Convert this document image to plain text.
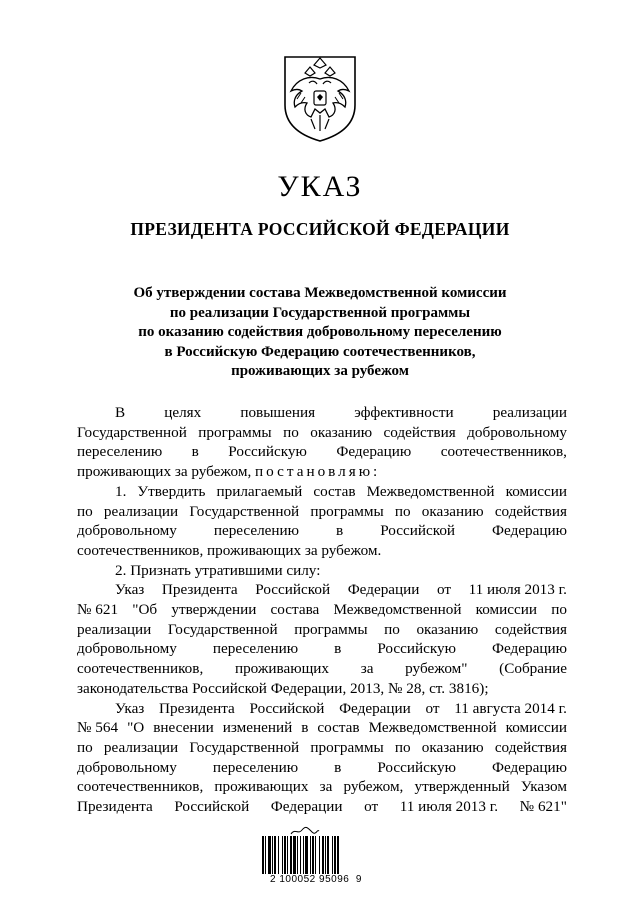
УКАЗ
ПРЕЗИДЕНТА РОССИЙСКОЙ ФЕДЕРАЦИИ
Об утверждении состава Межведомственной комиссии
по реализации Государственной программы
по оказанию содействия добровольному переселению
в Российскую Федерацию соотечественников,
проживающих за рубежом
В	целях	повышения	эффективности	реализации
Государственной программы по оказанию содействия добровольному
переселению в Российскую Федерацию соотечественников,
проживающих за рубежом, постановляю:
1. Утвердить прилагаемый состав Межведомственной комиссии
по реализации Государственной программы по оказанию содействия
добровольному переселению в Российской Федерацию
соотечественников, проживающих за рубежом.
2. Признать утратившими силу:
Указ Президента Российской Федерации от 11 июля 2013 г.
№ 621 "Об утверждении состава Межведомственной комиссии по
реализации Государственной программы по оказанию содействия
добровольному переселению в Российскую Федерацию
соотечественников, проживающих за рубежом" (Собрание
законодательства Российской Федерации, 2013, № 28, ст. 3816);
Указ Президента Российской Федерации от 11 августа 2014 г.
№ 564 "О внесении изменений в состав Межведомственной комиссии
по реализации Государственной программы по оказанию содействия
добровольному переселению в Российскую Федерацию
соотечественников, проживающих за рубежом, утвержденный Указом
Президента Российской Федерации от 11 июля 2013 г. № 621"
2 100052 95096  9
